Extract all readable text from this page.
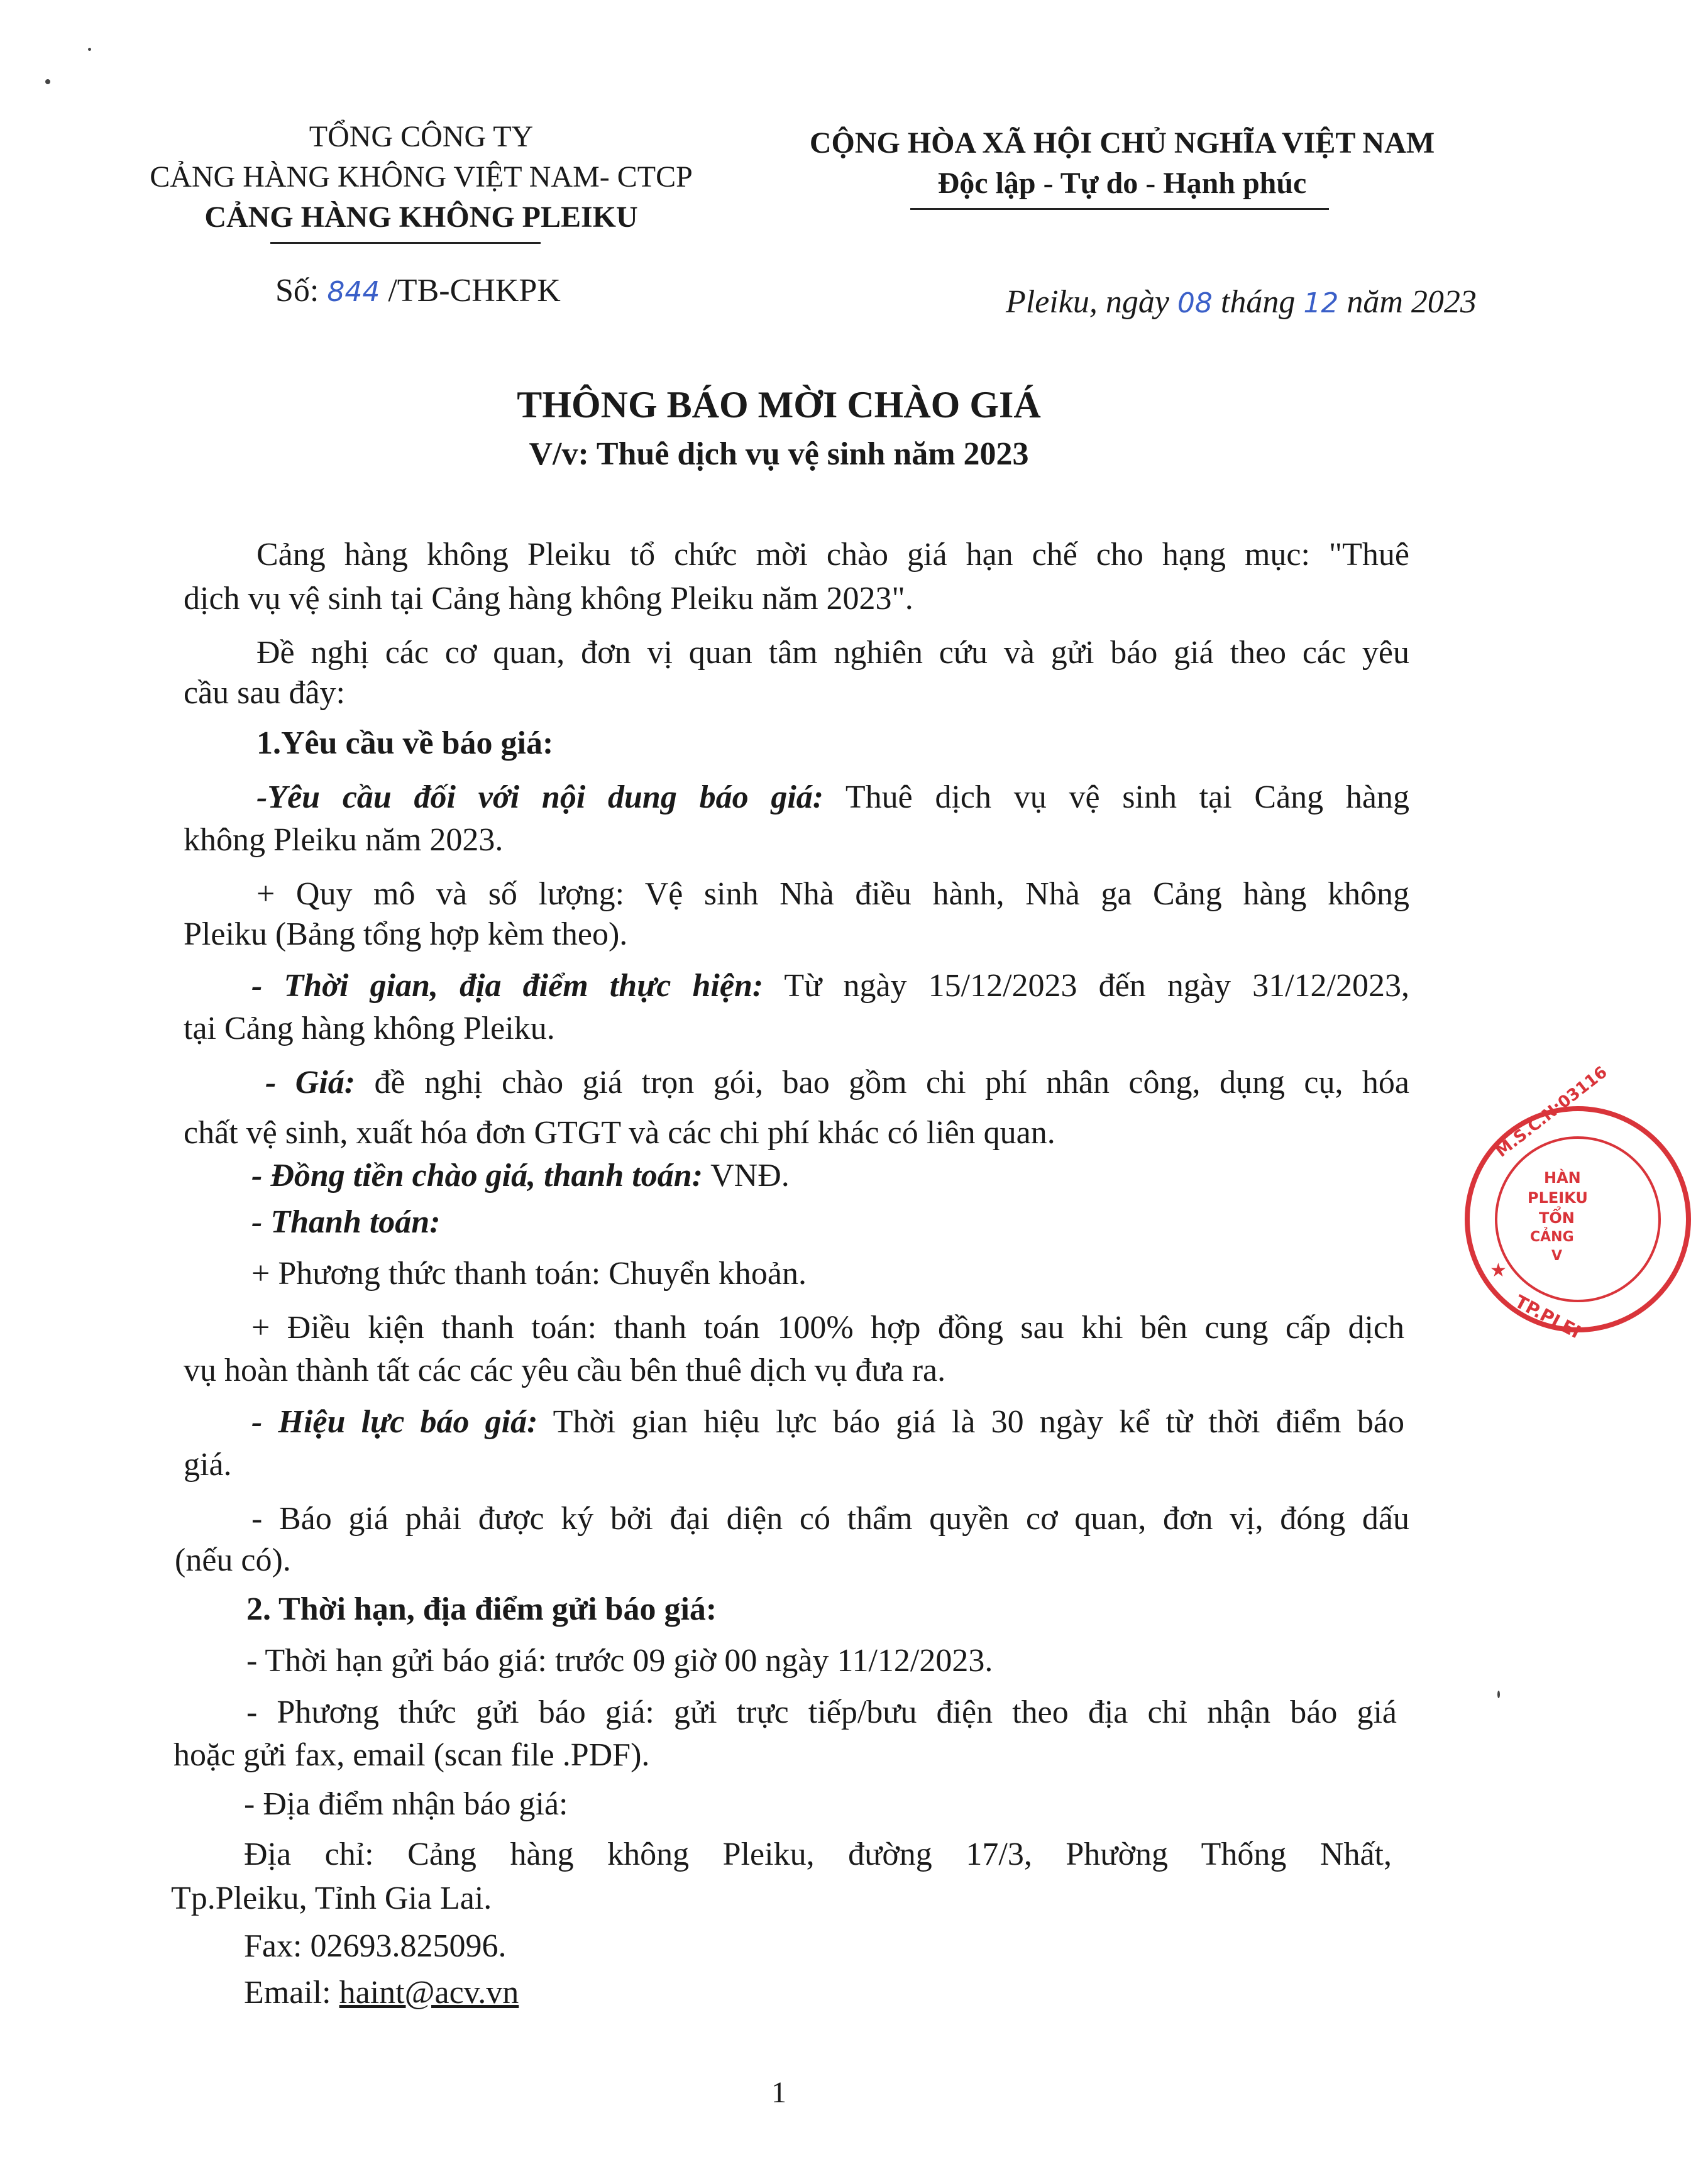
TỔNG CÔNG TY
CẢNG HÀNG KHÔNG VIỆT NAM- CTCP
CẢNG HÀNG KHÔNG PLEIKU
CỘNG HÒA XÃ HỘI CHỦ NGHĨA VIỆT NAM
Độc lập - Tự do - Hạnh phúc
Số: 844 /TB-CHKPK	Pleiku, ngày 08 tháng 12 năm 2023
THÔNG BÁO MỜI CHÀO GIÁ
V/v: Thuê dịch vụ vệ sinh năm 2023
Cảng hàng không Pleiku tổ chức mời chào giá hạn chế cho hạng mục: "Thuê
dịch vụ vệ sinh tại Cảng hàng không Pleiku năm 2023".
Đề nghị các cơ quan, đơn vị quan tâm nghiên cứu và gửi báo giá theo các yêu
cầu sau đây:
1.Yêu cầu về báo giá:
-Yêu cầu đối với nội dung báo giá: Thuê dịch vụ vệ sinh tại Cảng hàng
không Pleiku năm 2023.
+ Quy mô và số lượng: Vệ sinh Nhà điều hành, Nhà ga Cảng hàng không
Pleiku (Bảng tổng hợp kèm theo).
- Thời gian, địa điểm thực hiện: Từ ngày 15/12/2023 đến ngày 31/12/2023,
tại Cảng hàng không Pleiku.
- Giá: đề nghị chào giá trọn gói, bao gồm chi phí nhân công, dụng cụ, hóa
chất vệ sinh, xuất hóa đơn GTGT và các chi phí khác có liên quan.
- Đồng tiền chào giá, thanh toán: VNĐ.
- Thanh toán:
+ Phương thức thanh toán: Chuyển khoản.
+ Điều kiện thanh toán: thanh toán 100% hợp đồng sau khi bên cung cấp dịch
vụ hoàn thành tất các các yêu cầu bên thuê dịch vụ đưa ra.
- Hiệu lực báo giá: Thời gian hiệu lực báo giá là 30 ngày kể từ thời điểm báo
giá.
- Báo giá phải được ký bởi đại diện có thẩm quyền cơ quan, đơn vị, đóng dấu
(nếu có).
2. Thời hạn, địa điểm gửi báo giá:
- Thời hạn gửi báo giá: trước 09 giờ 00 ngày 11/12/2023.
- Phương thức gửi báo giá: gửi trực tiếp/bưu điện theo địa chỉ nhận báo giá
hoặc gửi fax, email (scan file .PDF).
- Địa điểm nhận báo giá:
Địa chỉ: Cảng hàng không Pleiku, đường 17/3, Phường Thống Nhất,
Tp.Pleiku, Tỉnh Gia Lai.
Fax: 02693.825096.
Email: haint@acv.vn
1
M.S.C.N:03116
HÀN
PLEIKU
TỔN
CẢNG
V
TP.PLEI
★
